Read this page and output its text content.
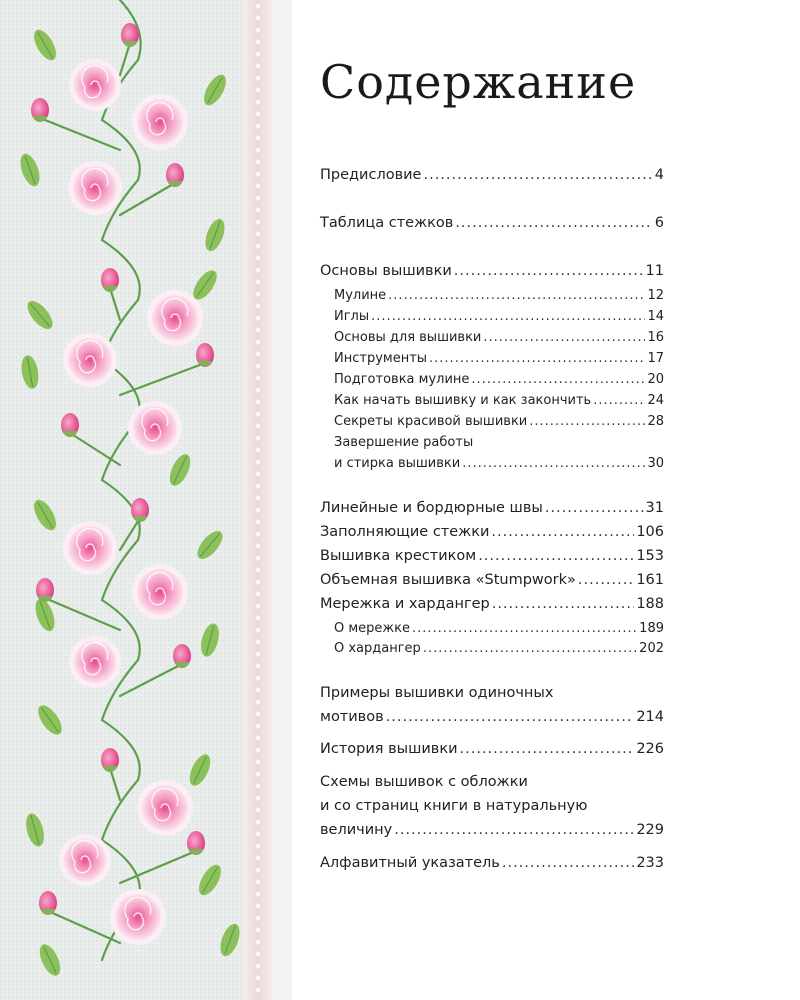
Содержание
Предисловие .....	4
Таблица стежков .....	6
Основы вышивки .....	11
Мулине .....	12
Иглы .....	14
Основы для вышивки .....	16
Инструменты .....	17
Подготовка мулине .....	20
Как начать вышивку и как закончить .....	24
Секреты красивой вышивки .....	28
Завершение работы
и стирка вышивки .....	30
Линейные и бордюрные швы .....	31
Заполняющие стежки .....	106
Вышивка крестиком .....	153
Объемная вышивка «Stumpwork» .....	161
Мережка и хардангер .....	188
О мережке .....	189
О хардангер .....	202
Примеры вышивки одиночных
мотивов .....	214
История вышивки .....	226
Схемы вышивок с обложки
и со страниц книги в натуральную
величину .....	229
Алфавитный указатель .....	233
